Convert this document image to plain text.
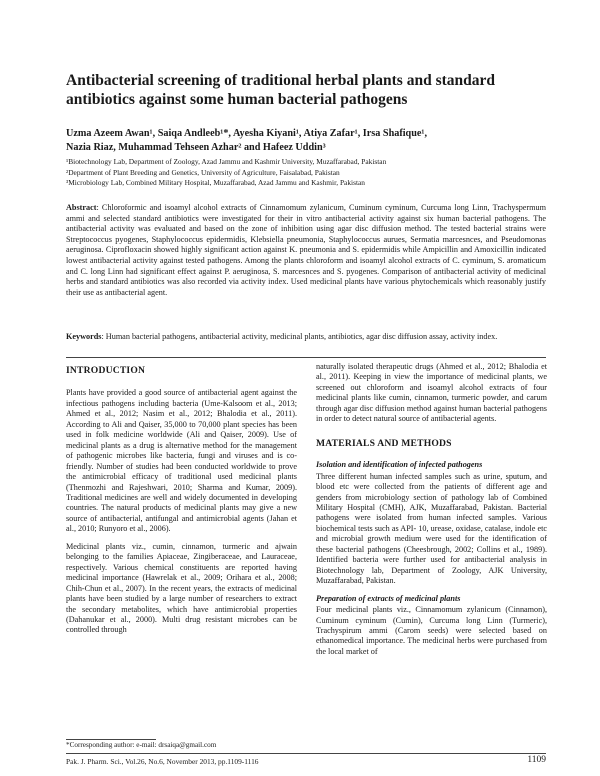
Antibacterial screening of traditional herbal plants and standard antibiotics against some human bacterial pathogens
Uzma Azeem Awan¹, Saiqa Andleeb¹*, Ayesha Kiyani¹, Atiya Zafar¹, Irsa Shafique¹,
Nazia Riaz, Muhammad Tehseen Azhar² and Hafeez Uddin³
¹Biotechnology Lab, Department of Zoology, Azad Jammu and Kashmir University, Muzaffarabad, Pakistan
²Department of Plant Breeding and Genetics, University of Agriculture, Faisalabad, Pakistan
³Microbiology Lab, Combined Military Hospital, Muzaffarabad, Azad Jammu and Kashmir, Pakistan

Abstract: Chloroformic and isoamyl alcohol extracts of Cinnamomum zylanicum, Cuminum cyminum, Curcuma long Linn, Trachyspermum ammi and selected standard antibiotics were investigated for their in vitro antibacterial activity against six human bacterial pathogens. The antibacterial activity was evaluated and based on the zone of inhibition using agar disc diffusion method. The tested bacterial strains were Streptococcus pyogenes, Staphylococcus epidermidis, Klebsiella pneumonia, Staphylococcus aurues, Sermatia marcesnces, and Pseudomonas aeruginosa. Ciprofloxacin showed highly significant action against K. pneumonia and S. epidermidis while Ampicillin and Amoxicillin indicated lowest antibacterial activity against tested pathogens. Among the plants chloroform and isoamyl alcohol extracts of C. cyminum, S. aromaticum and C. long Linn had significant effect against P. aeruginosa, S. marcesnces and S. pyogenes. Comparison of antibacterial activity of medicinal herbs and standard antibiotics was also recorded via activity index. Used medicinal plants have various phytochemicals which reasonably justify their use as antibacterial agent.

Keywords: Human bacterial pathogens, antibacterial activity, medicinal plants, antibiotics, agar disc diffusion assay, activity index.

INTRODUCTION

Plants have provided a good source of antibacterial agent against the infectious pathogens including bacteria (Ume-Kalsoom et al., 2013; Ahmed et al., 2012; Nasim et al., 2012; Bhalodia et al., 2011). According to Ali and Qaiser, 35,000 to 70,000 plant species has been used in folk medicine worldwide (Ali and Qaiser, 2009). Use of medicinal plants as a drug is alternative method for the management of pathogenic microbes like bacteria, fungi and viruses and is co-friendly. Number of studies had been conducted worldwide to prove the antimicrobial efficacy of traditional used medicinal plants (Thenmozhi and Rajeshwari, 2010; Sharma and Kumar, 2009). Traditional medicines are well and widely documented in developing countries. The natural products of medicinal plants may give a new source of antibacterial, antifungal and antimicrobial agents (Jahan et al., 2010; Runyoro et al., 2006).

Medicinal plants viz., cumin, cinnamon, turmeric and ajwain belonging to the families Apiaceae, Zingiberaceae, and Lauraceae, respectively. Various chemical constituents are reported having medicinal importance (Hawrelak et al., 2009; Orihara et al., 2008; Chih-Chun et al., 2007). In the recent years, the extracts of medicinal plants have been studied by a large number of researchers to extract the secondary metabolites, which have antimicrobial properties (Dahanukar et al., 2000). Multi drug resistant microbes can be controlled through

naturally isolated therapeutic drugs (Ahmed et al., 2012; Bhalodia et al., 2011). Keeping in view the importance of medicinal plants, we screened out chloroform and isoamyl alcohol extracts of four medicinal plants like cumin, cinnamon, turmeric powder, and carum through agar disc diffusion method against human bacterial pathogens in order to detect natural source of antibacterial agents.

MATERIALS AND METHODS
Isolation and identification of infected pathogens

Three different human infected samples such as urine, sputum, and blood etc were collected from the patients of different age and genders from microbiology section of pathology lab of Combined Military Hospital (CMH), AJK, Muzaffarabad, Pakistan. Bacterial pathogens were isolated from human infected samples. Various biochemical tests such as API- 10, urease, oxidase, catalase, indole etc and microbial growth medium were used for the identification of these bacterial pathogens (Cheesbrough, 2002; Collins et al., 1989). Identified bacteria were further used for antibacterial analysis in Biotechnology lab, Department of Zoology, AJK University, Muzaffarabad, Pakistan.

Preparation of extracts of medicinal plants

Four medicinal plants viz., Cinnamomum zylanicum (Cinnamon), Cuminum cyminum (Cumin), Curcuma long Linn (Turmeric), Trachyspirum ammi (Carom seeds) were selected based on ethanomedical importance. The medicinal herbs were purchased from the local market of

*Corresponding author: e-mail: drsaiqa@gmail.com
Pak. J. Pharm. Sci., Vol.26, No.6, November 2013, pp.1109-1116	1109
